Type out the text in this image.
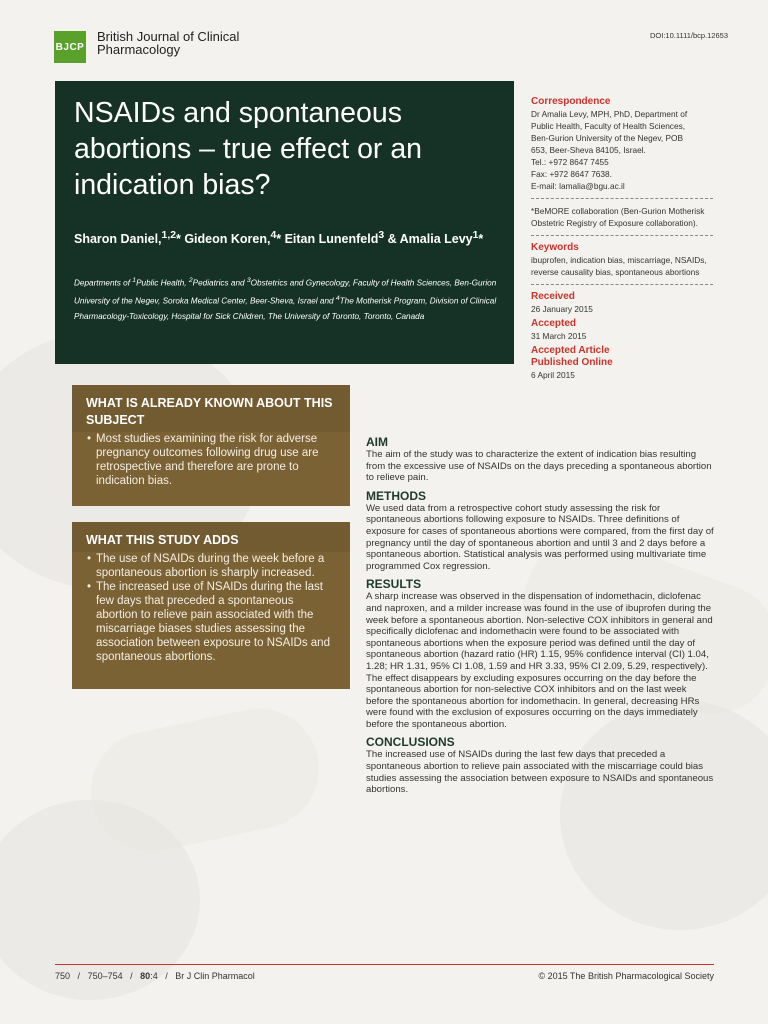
BJCP
British Journal of Clinical
Pharmacology
DOI:10.1111/bcp.12653
NSAIDs and spontaneous abortions – true effect or an indication bias?
Sharon Daniel,$^{1,2}$* Gideon Koren,$^4$* Eitan Lunenfeld$^3$ & Amalia Levy$^1$*
Departments of $^1$Public Health, $^2$Pediatrics and $^3$Obstetrics and Gynecology, Faculty of Health Sciences, Ben-Gurion University of the Negev, Soroka Medical Center, Beer-Sheva, Israel and $^4$The Motherisk Program, Division of Clinical Pharmacology-Toxicology, Hospital for Sick Children, The University of Toronto, Toronto, Canada
Correspondence

Dr Amalia Levy, MPH, PhD, Department of

Public Health, Faculty of Health Sciences,

Ben-Gurion University of the Negev, POB

653, Beer-Sheva 84105, Israel.

Tel.: +972 8647 7455

Fax: +972 8647 7638.

E-mail: lamalia@bgu.ac.il

*BeMORE collaboration (Ben-Gurion Motherisk Obstetric Registry of Exposure collaboration).

Keywords

ibuprofen, indication bias, miscarriage, NSAIDs, reverse causality bias, spontaneous abortions

Received

26 January 2015

Accepted

31 March 2015

Accepted Article Published Online

6 April 2015

WHAT IS ALREADY KNOWN ABOUT THIS SUBJECT
• Most studies examining the risk for adverse pregnancy outcomes following drug use are retrospective and therefore are prone to indication bias.
WHAT THIS STUDY ADDS
• The use of NSAIDs during the week before a spontaneous abortion is sharply increased.
• The increased use of NSAIDs during the last few days that preceded a spontaneous abortion to relieve pain associated with the miscarriage biases studies assessing the association between exposure to NSAIDs and spontaneous abortions.
AIM

The aim of the study was to characterize the extent of indication bias resulting from the excessive use of NSAIDs on the days preceding a spontaneous abortion to relieve pain.

METHODS

We used data from a retrospective cohort study assessing the risk for spontaneous abortions following exposure to NSAIDs. Three definitions of exposure for cases of spontaneous abortions were compared, from the first day of pregnancy until the day of spontaneous abortion and until 3 and 2 days before a spontaneous abortion. Statistical analysis was performed using multivariate time programmed Cox regression.

RESULTS

A sharp increase was observed in the dispensation of indomethacin, diclofenac and naproxen, and a milder increase was found in the use of ibuprofen during the week before a spontaneous abortion. Non-selective COX inhibitors in general and specifically diclofenac and indomethacin were found to be associated with spontaneous abortions when the exposure period was defined until the day of spontaneous abortion (hazard ratio (HR) 1.15, 95% confidence interval (CI) 1.04, 1.28; HR 1.31, 95% CI 1.08, 1.59 and HR 3.33, 95% CI 2.09, 5.29, respectively). The effect disappears by excluding exposures occurring on the day before the spontaneous abortion for non-selective COX inhibitors and on the last week before the spontaneous abortion for indomethacin. In general, decreasing HRs were found with the exclusion of exposures occurring on the days immediately before the spontaneous abortion.

CONCLUSIONS

The increased use of NSAIDs during the last few days that preceded a spontaneous abortion to relieve pain associated with the miscarriage could bias studies assessing the association between exposure to NSAIDs and spontaneous abortions.

750 / 750–754 / 80:4 / Br J Clin Pharmacol	© 2015 The British Pharmacological Society
